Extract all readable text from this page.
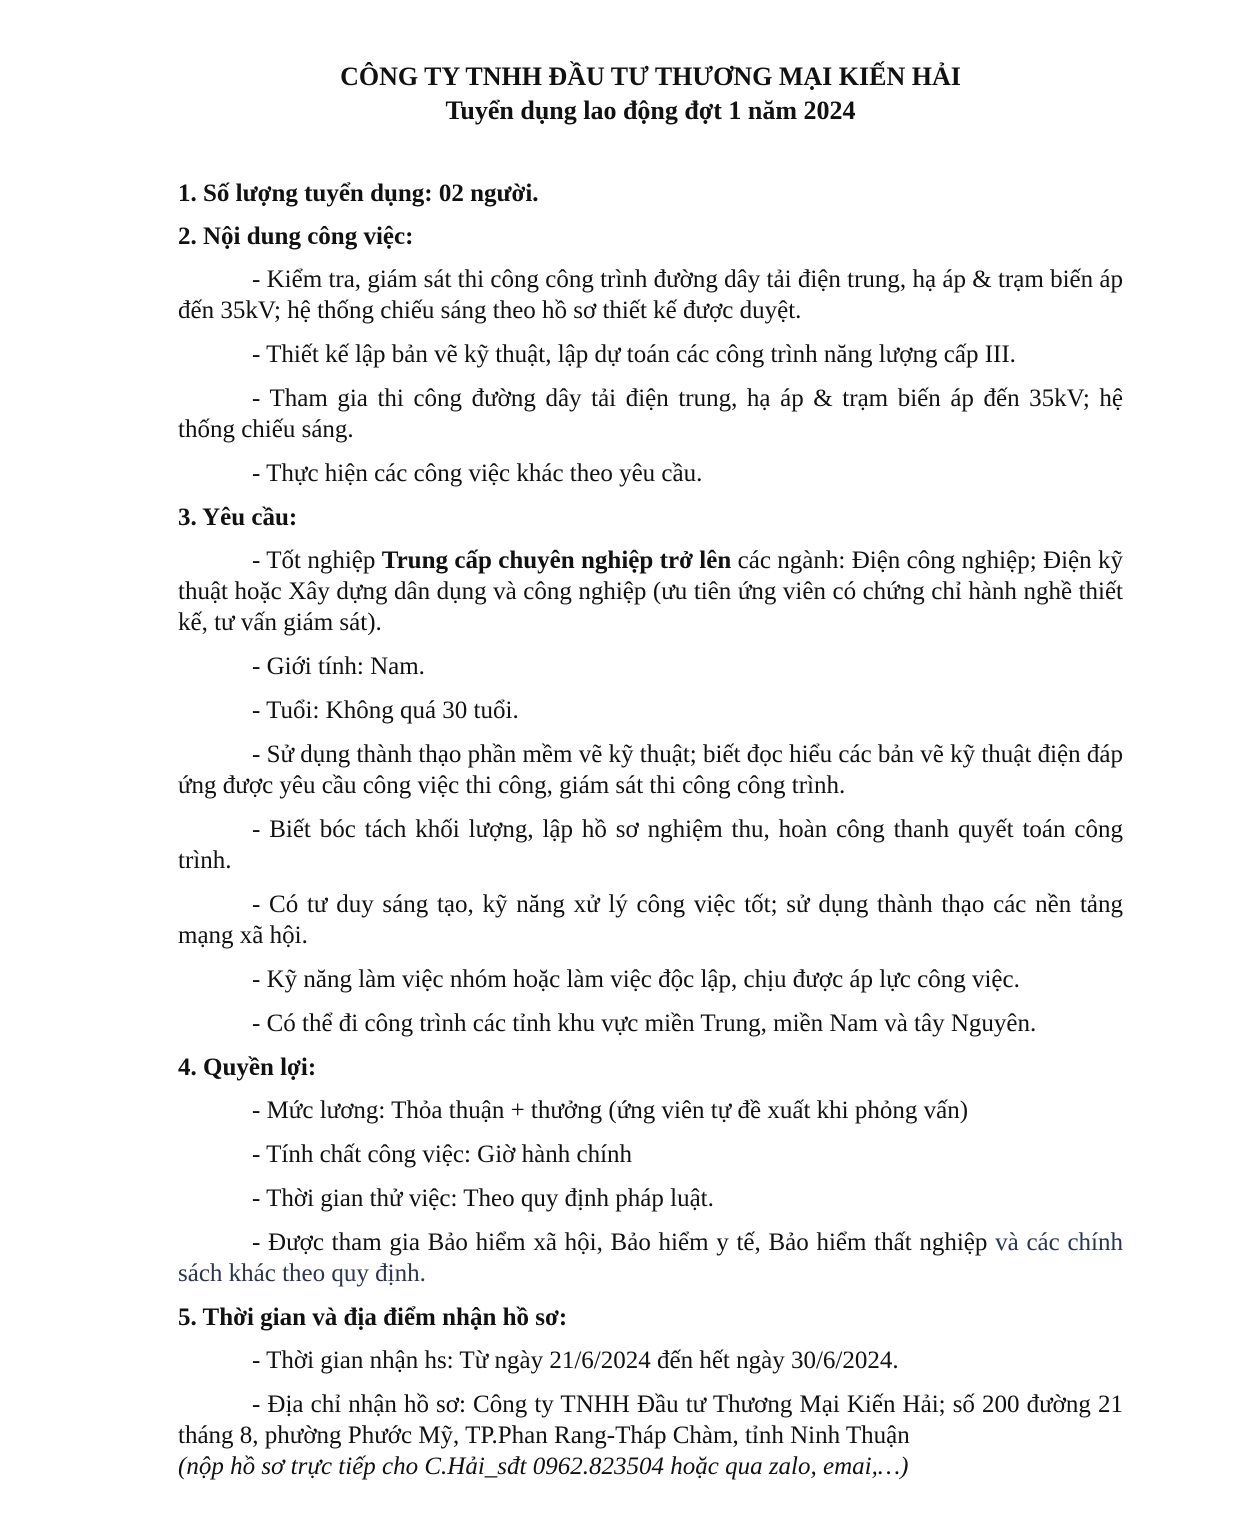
CÔNG TY TNHH ĐẦU TƯ THƯƠNG MẠI KIẾN HẢI

Tuyển dụng lao động đợt 1 năm 2024

1. Số lượng tuyển dụng: 02 người.

2. Nội dung công việc:

- Kiểm tra, giám sát thi công công trình đường dây tải điện trung, hạ áp & trạm biến áp đến 35kV; hệ thống chiếu sáng theo hồ sơ thiết kế được duyệt.

- Thiết kế lập bản vẽ kỹ thuật, lập dự toán các công trình năng lượng cấp III.

- Tham gia thi công đường dây tải điện trung, hạ áp & trạm biến áp đến 35kV; hệ thống chiếu sáng.

- Thực hiện các công việc khác theo yêu cầu.

3. Yêu cầu:

- Tốt nghiệp Trung cấp chuyên nghiệp trở lên các ngành: Điện công nghiệp; Điện kỹ thuật hoặc Xây dựng dân dụng và công nghiệp (ưu tiên ứng viên có chứng chỉ hành nghề thiết kế, tư vấn giám sát).

- Giới tính: Nam.

- Tuổi: Không quá 30 tuổi.

- Sử dụng thành thạo phần mềm vẽ kỹ thuật; biết đọc hiểu các bản vẽ kỹ thuật điện đáp ứng được yêu cầu công việc thi công, giám sát thi công công trình.

- Biết bóc tách khối lượng, lập hồ sơ nghiệm thu, hoàn công thanh quyết toán công trình.

- Có tư duy sáng tạo, kỹ năng xử lý công việc tốt; sử dụng thành thạo các nền tảng mạng xã hội.

- Kỹ năng làm việc nhóm hoặc làm việc độc lập, chịu được áp lực công việc.

- Có thể đi công trình các tỉnh khu vực miền Trung, miền Nam và tây Nguyên.

4. Quyền lợi:

- Mức lương: Thỏa thuận + thưởng (ứng viên tự đề xuất khi phỏng vấn)

- Tính chất công việc: Giờ hành chính

- Thời gian thử việc: Theo quy định pháp luật.

- Được tham gia Bảo hiểm xã hội, Bảo hiểm y tế, Bảo hiểm thất nghiệp và các chính sách khác theo quy định.

5. Thời gian và địa điểm nhận hồ sơ:

- Thời gian nhận hs: Từ ngày 21/6/2024 đến hết ngày 30/6/2024.

- Địa chỉ nhận hồ sơ: Công ty TNHH Đầu tư Thương Mại Kiến Hải; số 200 đường 21 tháng 8, phường Phước Mỹ, TP.Phan Rang-Tháp Chàm, tỉnh Ninh Thuận
(nộp hồ sơ trực tiếp cho C.Hải_sđt 0962.823504 hoặc qua zalo, emai,…)
